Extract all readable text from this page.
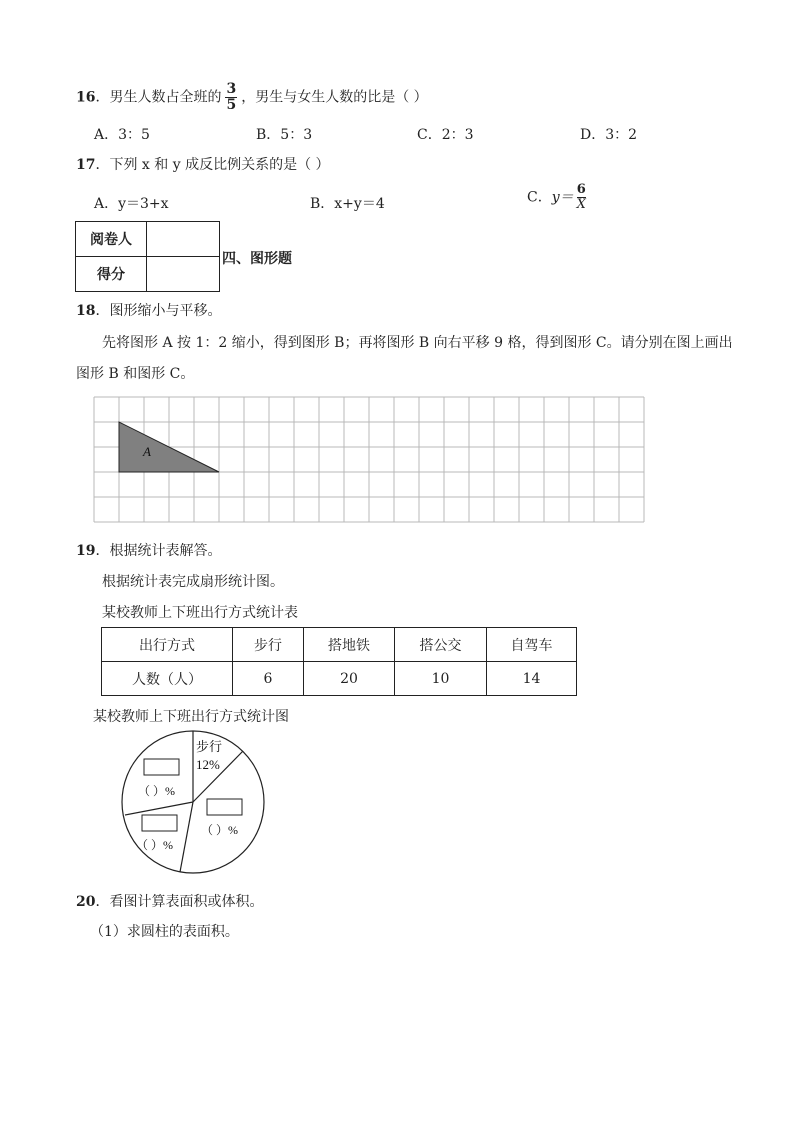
16．男生人数占全班的 $\frac{3}{5}$ ，男生与女生人数的比是（ ）
A．3：5	B．5：3	C．2：3	D．3：2
17．下列 x 和 y 成反比例关系的是（ ）
A．y＝3+x	B．x+y＝4	C．$y= \frac{6}{X}$
阅卷人	
得分	
四、图形题
18．图形缩小与平移。
先将图形 A 按 1：2 缩小，得到图形 B；再将图形 B 向右平移 9 格，得到图形 C。请分别在图上画出
图形 B 和图形 C。
A
19．根据统计表解答。
根据统计表完成扇形统计图。
某校教师上下班出行方式统计表
出行方式	步行	搭地铁	搭公交	自驾车
人数（人）	6	20	10	14
某校教师上下班出行方式统计图
步行
12%
（ ）%
（ ）%
（ ）%
20．看图计算表面积或体积。
（1）求圆柱的表面积。
